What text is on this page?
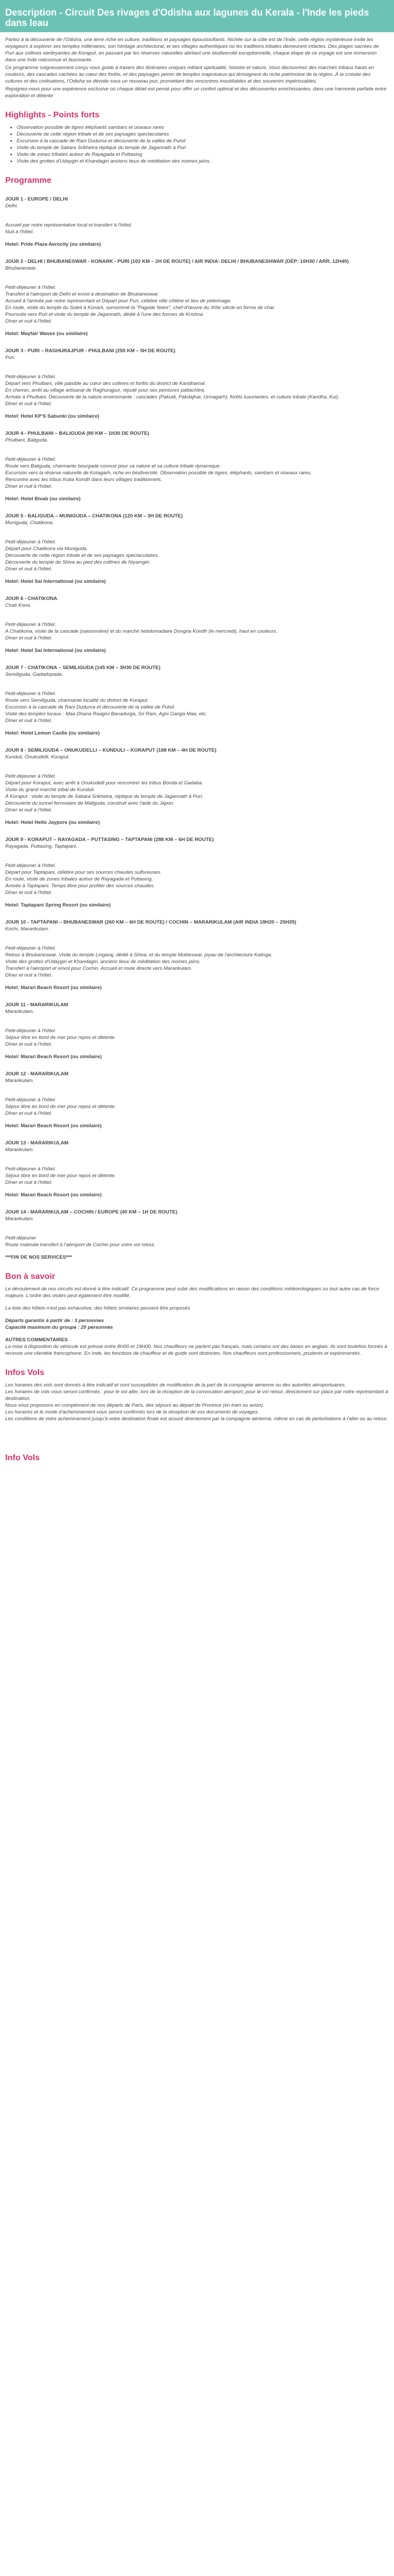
Description - Circuit Des rivages d'Odisha aux lagunes du Kerala - l'Inde les pieds dans leau

Partez à la découverte de l'Odisha, une terre riche en culture, traditions et paysages époustouflants. Nichée sur la côte est de l'Inde, cette région mystérieuse invite les voyageurs à explorer ses temples millénaires, son héritage architectural, et ses villages authentiques où les traditions tribales demeurent intactes. Des plages sacrées de Puri aux collines verdoyantes de Koraput, en passant par les réserves naturelles abritant une biodiversité exceptionnelle, chaque étape de ce voyage est une immersion dans une Inde méconnue et fascinante.

Ce programme soigneusement conçu vous guide à travers des itinéraires uniques mêlant spiritualité, histoire et nature. Vous découvrirez des marchés tribaux hauts en couleurs, des cascades cachées au cœur des forêts, et des paysages peints de temples majestueux qui témoignent du riche patrimoine de la région. À la croisée des cultures et des civilisations, l'Odisha se dévoile sous un nouveau jour, promettant des rencontres inoubliables et des souvenirs impérissables.

Rejoignez-nous pour une expérience exclusive où chaque détail est pensé pour offrir un confort optimal et des découvertes enrichissantes, dans une harmonie parfaite entre exploration et détente

Highlights - Points forts
• Observation possible de tigres éléphants sambars et oiseaux rares
• Découverte de cette région tribale et de ses paysages spectaculaires
• Excursion à la cascade de Rani Duduma et découverte de la vallée de Putsil
• Visite du temple de Sakara Srikhetra réplique du temple de Jagannath à Puri
• Visite de zones tribales autour de Rayagada et Puttasing
• Visite des grottes d'Udaygiri et Khandagiri anciens lieux de méditation des moines jaïns.
Programme
JOUR 1 - EUROPE / DELHI
Delhi.
Accueil par notre représentative local et transfert à l'hôtel.
Nuit à l'hôtel.
Hotel: Pride Plaza Aerocity (ou similaire)
JOUR 2 - DELHI / BHUBANESWAR - KONARK - PURI (102 KM – 2H DE ROUTE) / AIR INDIA: DELHI / BHUBANESHWAR (DÉP: 10H30 / ARR. 12H40)
Bhubaneswar.
Petit-déjeuner à l'hôtel.
Transfert à l'aéroport de Delhi et envol à destination de Bhubaneswar.
Accueil à l'arrivée par notre représentant et Départ pour Puri, célèbre ville côtière et lieu de pèlerinage.
En route, visite du temple du Soleil à Konark, surnommé la "Pagode Noire", chef-d'œuvre du XIIIe siècle en forme de char.
Poursuite vers Puri et visite du temple de Jagannath, dédié à l'une des formes de Krishna.
Dîner et nuit à l'hôtel.
Hotel: Mayfair Waves (ou similaire)
JOUR 3 - PURI – RAGHURAJPUR - PHULBANI (255 KM – 5H DE ROUTE)
Puri.
Petit-déjeuner à l'hôtel.
Départ vers Phulbani, ville paisible au cœur des collines et forêts du district de Kandhamal.
En chemin, arrêt au village artisanal de Raghurajpur, réputé pour ses peintures pattachitra.
Arrivée à Phulbani. Découverte de la nature environnante : cascades (Pakudi, Pakdajhar, Urmagarh), forêts luxuriantes, et culture tribale (Kandha, Kui).
Dîner et nuit à l'hôtel.
Hotel: Hotel KP'S Sabunki (ou similaire)
JOUR 4 - PHULBANI – BALIGUDA (80 KM – 1H30 DE ROUTE)
Phulbani, Baliguda.
Petit-déjeuner à l'hôtel.
Route vers Baliguda, charmante bourgade connue pour sa nature et sa culture tribale dynamique.
Excursion vers la réserve naturelle de Kotagarh, riche en biodiversité. Observation possible de tigres, éléphants, sambars et oiseaux rares.
Rencontre avec les tribus Kutia Kondh dans leurs villages traditionnels.
Dîner et nuit à l'hôtel.
Hotel: Hotel Bivab (ou similaire)
JOUR 5 - BALIGUDA – MUNIGUDA – CHATIKONA (120 KM – 3H DE ROUTE)
Muniguda, Chatikona.
Petit-déjeuner à l'hôtel.
Départ pour Chatikona via Muniguda.
Découverte de cette région tribale et de ses paysages spectaculaires.
Découverte du temple de Shiva au pied des collines de Niyamgiri.
Dîner et nuit à l'hôtel.
Hotel: Hotel Sai International (ou similaire)
JOUR 6 - CHATIKONA
Chati Kona.
Petit-déjeuner à l'hôtel.
A Chatikona, visite de la cascade (saisonnière) et du marché hebdomadaire Dongria Kondh (le mercredi), haut en couleurs.
Dîner et nuit à l'hôtel.
Hotel: Hotel Sai International (ou similaire)
JOUR 7 - CHATIKONA – SEMILIGUDA (145 KM – 3H30 DE ROUTE)
Semiliguda, Gadadopada.
Petit-déjeuner à l'hôtel.
Route vers Semiliguda, charmante localité du district de Koraput.
Excursion à la cascade de Rani Duduma et découverte de la vallée de Putsil.
Visite des temples locaux : Maa Dhana Raagini Banadurga, Sri Ram, Agni Ganga Maa, etc.
Dîner et nuit à l'hôtel.
Hotel: Hotel Lemon Castle (ou similaire)
JOUR 8 - SEMILIGUDA – ONUKUDELLI – KUNDULI – KORAPUT (188 KM – 4H DE ROUTE)
Kunduli, Onukudelli, Koraput.
Petit-déjeuner à l'hôtel.
Départ pour Koraput, avec arrêt à Onukudelli pour rencontrer les tribus Bonda et Gadaba.
Visite du grand marché tribal de Kunduli.
À Koraput : visite du temple de Sabara Srikhetra, réplique du temple de Jagannath à Puri.
Découverte du tunnel ferroviaire de Maliguda, construit avec l'aide du Japon.
Dîner et nuit à l'hôtel.
Hotel: Hotel Hello Jaypore (ou similaire)
JOUR 9 - KORAPUT – RAYAGADA – PUTTASING – TAPTAPANI (288 KM – 6H DE ROUTE)
Rayagada, Puttasing, Taptapani.
Petit-déjeuner à l'hôtel.
Départ pour Taptapani, célèbre pour ses sources chaudes sulfureuses.
En route, visite de zones tribales autour de Rayagada et Puttasing.
Arrivée à Taptapani. Temps libre pour profiter des sources chaudes.
Dîner et nuit à l'hôtel.
Hotel: Taptapani Spring Resort (ou similaire)
JOUR 10 - TAPTAPANI – BHUBANESWAR (260 KM – 6H DE ROUTE) / COCHIN – MARARIKULAM (AIR INDIA 18H20 – 20H35)
Kochi, Mararikulam.
Petit-déjeuner à l'hôtel.
Retour à Bhubaneswar. Visite du temple Lingaraj, dédié à Shiva, et du temple Mukteswar, joyau de l'architecture Kalinga.
Visite des grottes d'Udaygiri et Khandagiri, anciens lieux de méditation des moines jaïns.
Transfert à l'aéroport et envol pour Cochin. Accueil et route directe vers Mararikulam.
Dîner et nuit à l'hôtel.
Hotel: Marari Beach Resort (ou similaire)
JOUR 11 - MARARIKULAM
Mararikulam.
Petit-déjeuner à l'hôtel.
Séjour libre en bord de mer pour repos et détente.
Dîner et nuit à l'hôtel.
Hotel: Marari Beach Resort (ou similaire)
JOUR 12 - MARARIKULAM
Mararikulam.
Petit-déjeuner à l'hôtel.
Séjour libre en bord de mer pour repos et détente.
Dîner et nuit à l'hôtel.
Hotel: Marari Beach Resort (ou similaire)
JOUR 13 - MARARIKULAM
Mararikulam.
Petit-déjeuner à l'hôtel.
Séjour libre en bord de mer pour repos et détente.
Dîner et nuit à l'hôtel.
Hotel: Marari Beach Resort (ou similaire)
JOUR 14 - MARARIKULAM – COCHIN / EUROPE (40 KM – 1H DE ROUTE)
Mararikulam.
Petit-déjeuner
Route matinale transfert à l'aéroport de Cochin pour votre vol retour.
***FIN DE NOS SERVICES***
Bon à savoir

Le déroulement de nos circuits est donné à titre indicatif. Ce programme peut subir des modifications en raison des conditions météorologiques ou tout autre cas de force majeure. L'ordre des visites peut également être modifié.

La liste des hôtels n'est pas exhaustive, des hôtels similaires peuvent être proposés

Départs garantis à partir de : 3 personnes
Capacité maximum du groupe : 20 personnes
AUTRES COMMENTAIRES

La mise à disposition du véhicule est prévue entre 8H00 et 19H00. Nos chauffeurs ne parlent pas français, mais certains ont des bases en anglais. Ils sont toutefois formés à recevoir une clientèle francophone. En Inde, les fonctions de chauffeur et de guide sont distinctes. Nos chauffeurs sont professionnels, prudents et expérimentés.

Infos Vols
Les horaires des vols sont donnés à titre indicatif et sont susceptibles de modification de la part de la compagnie aérienne ou des autorités aéroportuaires.
Les horaires de vols vous seront confirmés : pour le vol aller, lors de la réception de la convocation aéroport, pour le vol retour, directement sur place par notre représentant à destination.
Nous vous proposons en complément de nos départs de Paris, des séjours au départ de Province (en train ou avion).
Les horaires et le mode d'acheminement vous seront confirmés lors de la réception de vos documents de voyages.
Les conditions de votre acheminement jusqu'à votre destination finale est assuré directement par la compagnie aérienne, même en cas de perturbations à l'aller ou au retour.
Info Vols
